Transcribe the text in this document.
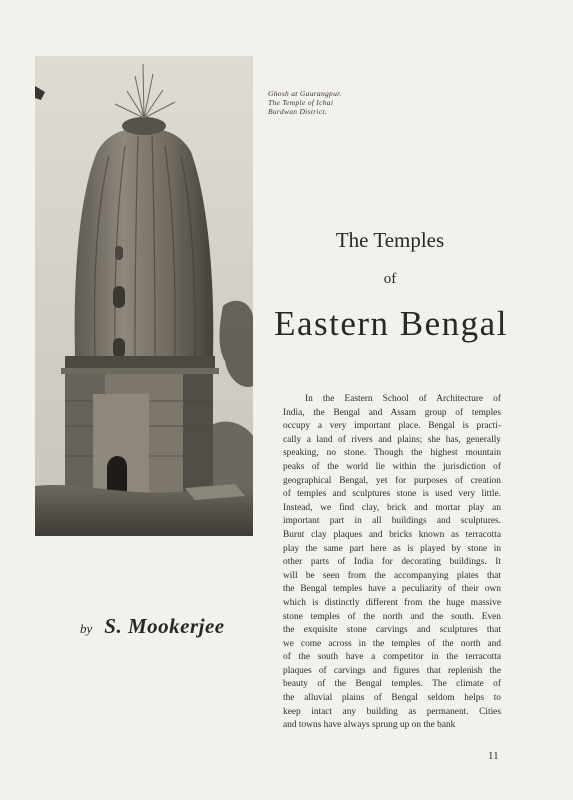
Ghosh at Gaurangpur.
The Temple of Ichai
Burdwan District.
The Temples
of
Eastern Bengal
by S. Mookerjee
In the Eastern School of Architecture of
India, the Bengal and Assam group of temples
occupy a very important place. Bengal is practi-
cally a land of rivers and plains; she has, generally
speaking, no stone. Though the highest mountain
peaks of the world lie within the jurisdiction of
geographical Bengal, yet for purposes of creation
of temples and sculptures stone is used very little.
Instead, we find clay, brick and mortar play an
important part in all buildings and sculptures.
Burnt clay plaques and bricks known as terracotta
play the same part here as is played by stone in
other parts of India for decorating buildings. It
will be seen from the accompanying plates that
the Bengal temples have a peculiarity of their own
which is distinctly different from the huge massive
stone temples of the north and the south. Even
the exquisite stone carvings and sculptures that
we come across in the temples of the north and
of the south have a competitor in the terracotta
plaques of carvings and figures that replenish the
beauty of the Bengal temples. The climate of
the alluvial plains of Bengal seldom helps to
keep intact any building as permanent. Cities
and towns have always sprung up on the bank
11
